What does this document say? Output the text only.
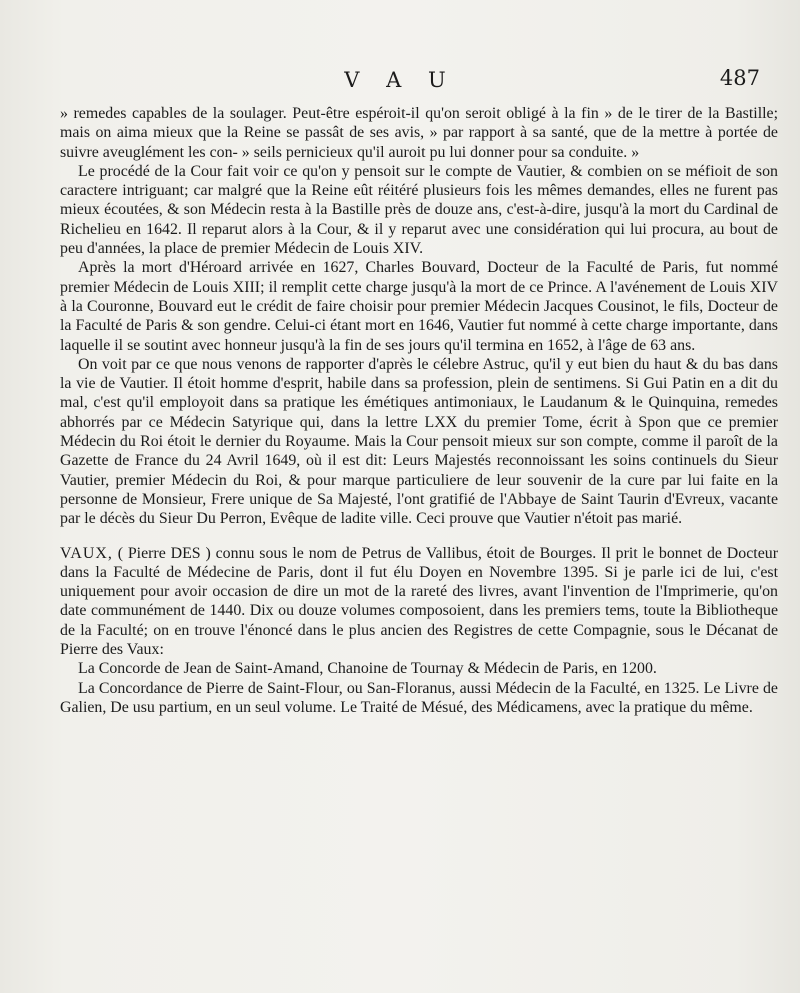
V A U	487

» remedes capables de la soulager. Peut-être espéroit-il qu'on seroit obligé à la fin » de le tirer de la Bastille; mais on aima mieux que la Reine se passât de ses avis, » par rapport à sa santé, que de la mettre à portée de suivre aveuglément les con- » seils pernicieux qu'il auroit pu lui donner pour sa conduite. »

Le procédé de la Cour fait voir ce qu'on y pensoit sur le compte de Vautier, & combien on se méfioit de son caractere intriguant; car malgré que la Reine eût réitéré plusieurs fois les mêmes demandes, elles ne furent pas mieux écoutées, & son Médecin resta à la Bastille près de douze ans, c'est-à-dire, jusqu'à la mort du Cardinal de Richelieu en 1642. Il reparut alors à la Cour, & il y reparut avec une considération qui lui procura, au bout de peu d'années, la place de premier Médecin de Louis XIV.

Après la mort d'Héroard arrivée en 1627, Charles Bouvard, Docteur de la Faculté de Paris, fut nommé premier Médecin de Louis XIII; il remplit cette charge jusqu'à la mort de ce Prince. A l'avénement de Louis XIV à la Couronne, Bouvard eut le crédit de faire choisir pour premier Médecin Jacques Cousinot, le fils, Docteur de la Faculté de Paris & son gendre. Celui-ci étant mort en 1646, Vautier fut nommé à cette charge importante, dans laquelle il se soutint avec honneur jusqu'à la fin de ses jours qu'il termina en 1652, à l'âge de 63 ans.

On voit par ce que nous venons de rapporter d'après le célebre Astruc, qu'il y eut bien du haut & du bas dans la vie de Vautier. Il étoit homme d'esprit, habile dans sa profession, plein de sentimens. Si Gui Patin en a dit du mal, c'est qu'il employoit dans sa pratique les émétiques antimoniaux, le Laudanum & le Quinquina, remedes abhorrés par ce Médecin Satyrique qui, dans la lettre LXX du premier Tome, écrit à Spon que ce premier Médecin du Roi étoit le dernier du Royaume. Mais la Cour pensoit mieux sur son compte, comme il paroît de la Gazette de France du 24 Avril 1649, où il est dit: Leurs Majestés reconnoissant les soins continuels du Sieur Vautier, premier Médecin du Roi, & pour marque particuliere de leur souvenir de la cure par lui faite en la personne de Monsieur, Frere unique de Sa Majesté, l'ont gratifié de l'Abbaye de Saint Taurin d'Evreux, vacante par le décès du Sieur Du Perron, Evêque de ladite ville. Ceci prouve que Vautier n'étoit pas marié.

VAUX, ( Pierre DES ) connu sous le nom de Petrus de Vallibus, étoit de Bourges. Il prit le bonnet de Docteur dans la Faculté de Médecine de Paris, dont il fut élu Doyen en Novembre 1395. Si je parle ici de lui, c'est uniquement pour avoir occasion de dire un mot de la rareté des livres, avant l'invention de l'Imprimerie, qu'on date communément de 1440. Dix ou douze volumes composoient, dans les premiers tems, toute la Bibliotheque de la Faculté; on en trouve l'énoncé dans le plus ancien des Registres de cette Compagnie, sous le Décanat de Pierre des Vaux:

La Concorde de Jean de Saint-Amand, Chanoine de Tournay & Médecin de Paris, en 1200.

La Concordance de Pierre de Saint-Flour, ou San-Floranus, aussi Médecin de la Faculté, en 1325. Le Livre de Galien, De usu partium, en un seul volume. Le Traité de Mésué, des Médicamens, avec la pratique du même.
